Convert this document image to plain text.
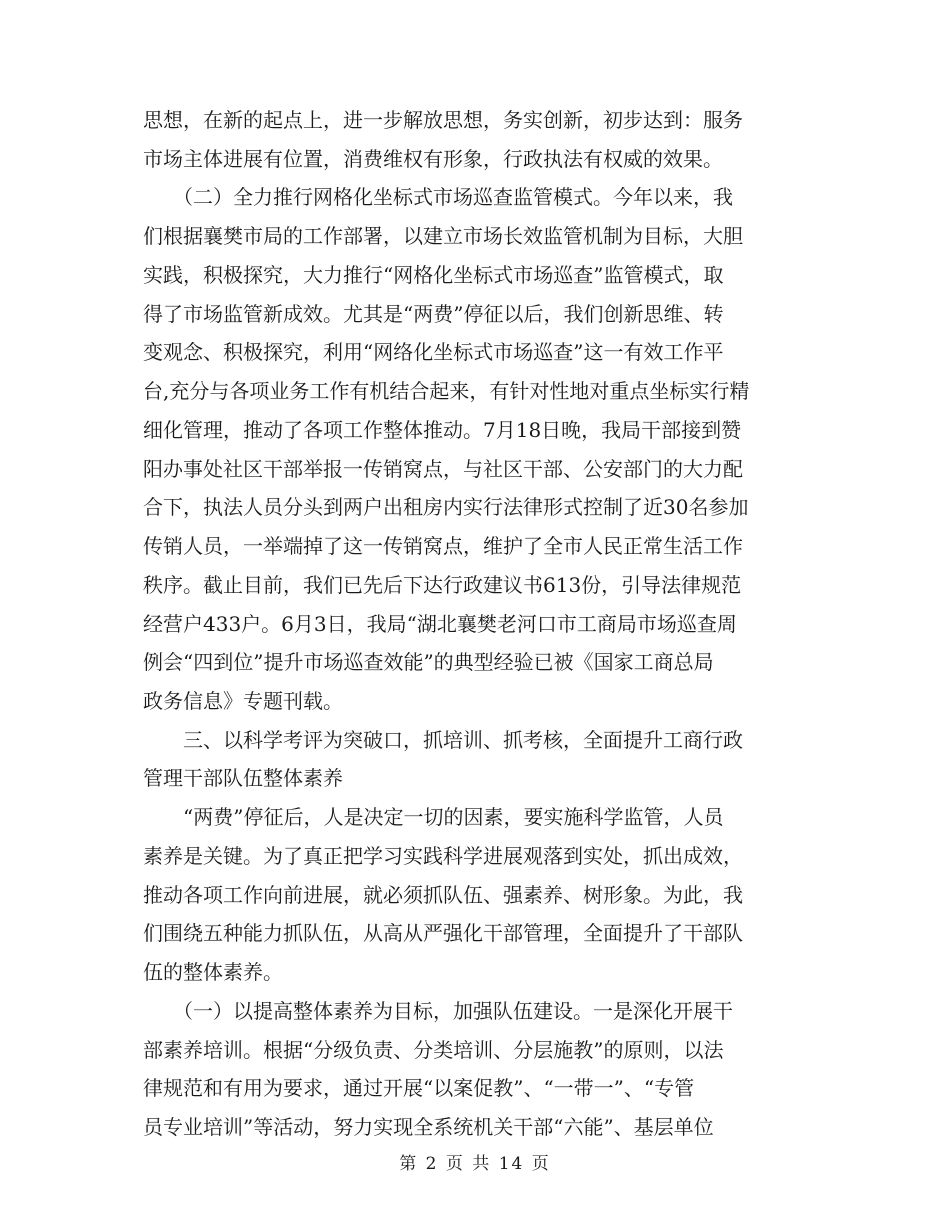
思想，在新的起点上，进一步解放思想，务实创新，初步达到：服务
市场主体进展有位置，消费维权有形象，行政执法有权威的效果。
　　（二）全力推行网格化坐标式市场巡查监管模式。今年以来，我
们根据襄樊市局的工作部署，以建立市场长效监管机制为目标，大胆
实践，积极探究，大力推行“网格化坐标式市场巡查”监管模式，取
得了市场监管新成效。尤其是“两费”停征以后，我们创新思维、转
变观念、积极探究，利用“网络化坐标式市场巡查”这一有效工作平
台,充分与各项业务工作有机结合起来，有针对性地对重点坐标实行精
细化管理，推动了各项工作整体推动。7月18日晚，我局干部接到赞
阳办事处社区干部举报一传销窝点，与社区干部、公安部门的大力配
合下，执法人员分头到两户出租房内实行法律形式控制了近30名参加
传销人员，一举端掉了这一传销窝点，维护了全市人民正常生活工作
秩序。截止目前，我们已先后下达行政建议书613份，引导法律规范
经营户433户。6月3日，我局“湖北襄樊老河口市工商局市场巡查周
例会“四到位”提升市场巡查效能”的典型经验已被《国家工商总局
政务信息》专题刊载。
　　三、以科学考评为突破口，抓培训、抓考核，全面提升工商行政
管理干部队伍整体素养
　　“两费”停征后，人是决定一切的因素，要实施科学监管，人员
素养是关键。为了真正把学习实践科学进展观落到实处，抓出成效，
推动各项工作向前进展，就必须抓队伍、强素养、树形象。为此，我
们围绕五种能力抓队伍，从高从严强化干部管理，全面提升了干部队
伍的整体素养。
　　（一）以提高整体素养为目标，加强队伍建设。一是深化开展干
部素养培训。根据“分级负责、分类培训、分层施教”的原则，以法
律规范和有用为要求，通过开展“以案促教”、“一带一”、“专管
员专业培训”等活动，努力实现全系统机关干部“六能”、基层单位
第 2 页 共 14 页
